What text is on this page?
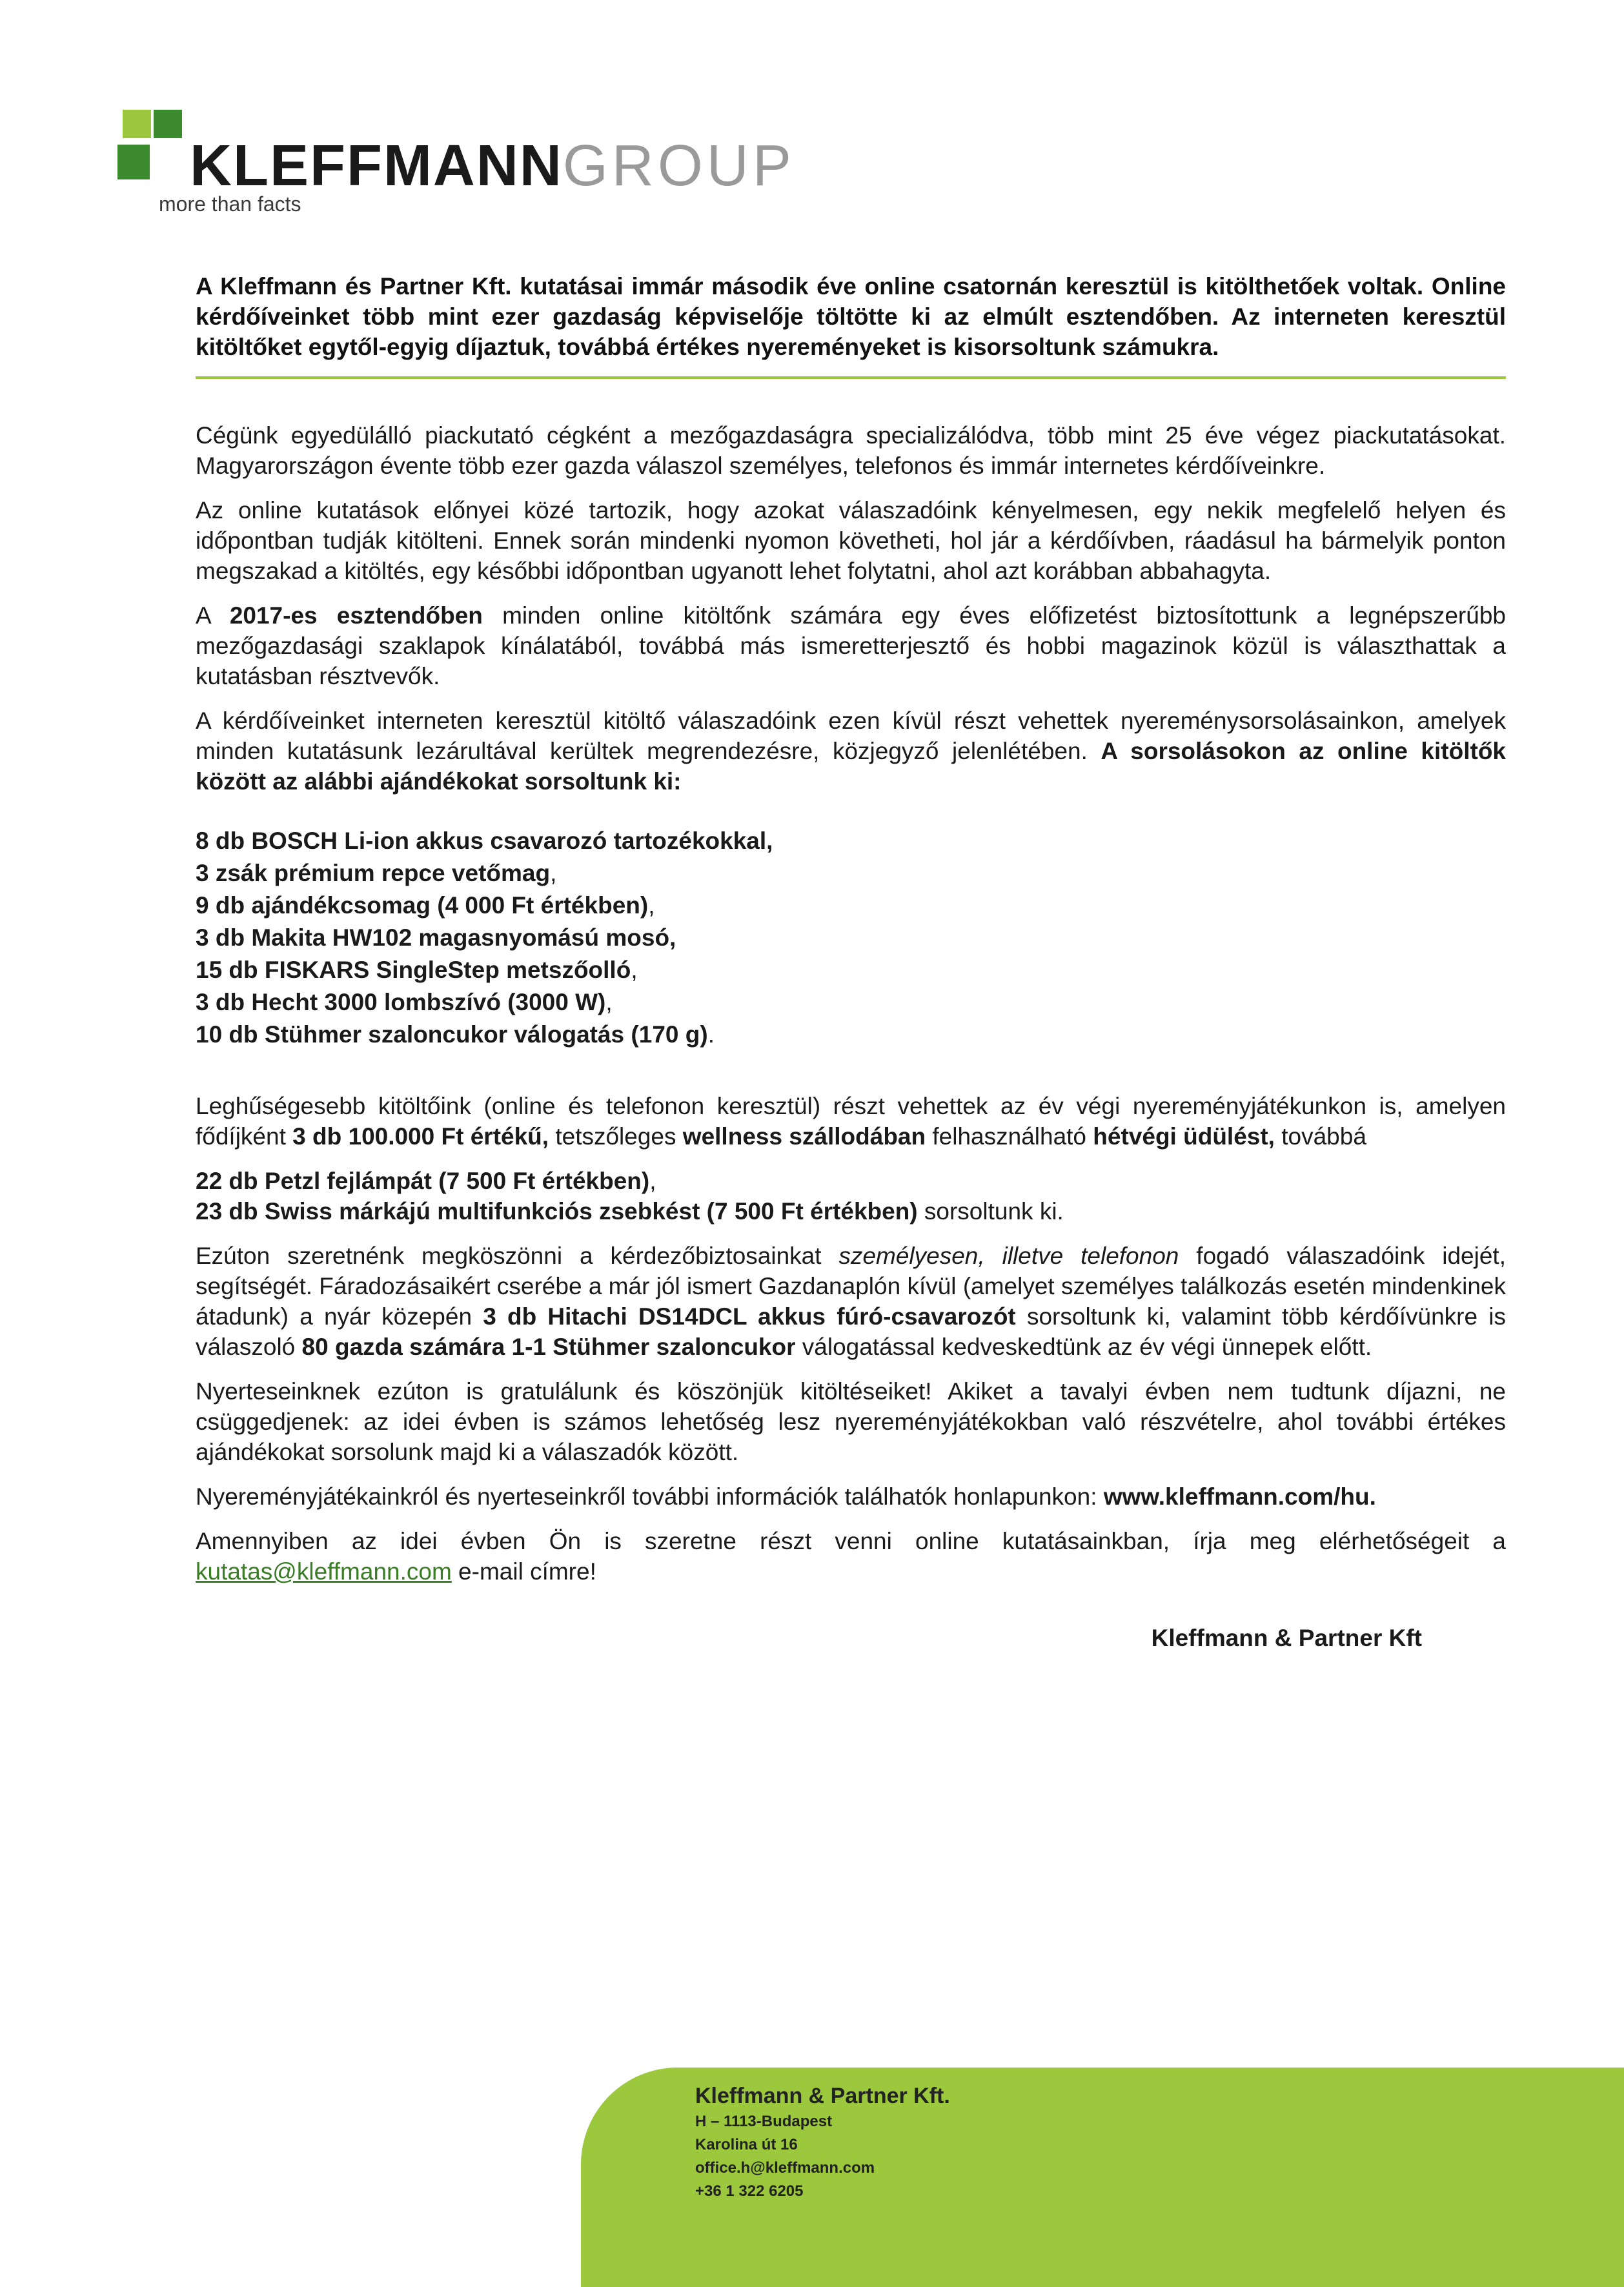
KLEFFMANNGROUP
more than facts

A Kleffmann és Partner Kft. kutatásai immár második éve online csatornán keresztül is kitölthetőek voltak. Online kérdőíveinket több mint ezer gazdaság képviselője töltötte ki az elmúlt esztendőben. Az interneten keresztül kitöltőket egytől-egyig díjaztuk, továbbá értékes nyereményeket is kisorsoltunk számukra.

Cégünk egyedülálló piackutató cégként a mezőgazdaságra specializálódva, több mint 25 éve végez piackutatásokat. Magyarországon évente több ezer gazda válaszol személyes, telefonos és immár internetes kérdőíveinkre.

Az online kutatások előnyei közé tartozik, hogy azokat válaszadóink kényelmesen, egy nekik megfelelő helyen és időpontban tudják kitölteni. Ennek során mindenki nyomon követheti, hol jár a kérdőívben, ráadásul ha bármelyik ponton megszakad a kitöltés, egy későbbi időpontban ugyanott lehet folytatni, ahol azt korábban abbahagyta.

A 2017-es esztendőben minden online kitöltőnk számára egy éves előfizetést biztosítottunk a legnépszerűbb mezőgazdasági szaklapok kínálatából, továbbá más ismeretterjesztő és hobbi magazinok közül is választhattak a kutatásban résztvevők.

A kérdőíveinket interneten keresztül kitöltő válaszadóink ezen kívül részt vehettek nyereménysorsolásainkon, amelyek minden kutatásunk lezárultával kerültek megrendezésre, közjegyző jelenlétében. A sorsolásokon az online kitöltők között az alábbi ajándékokat sorsoltunk ki:

8 db BOSCH Li-ion akkus csavarozó tartozékokkal,
3 zsák prémium repce vetőmag,
9 db ajándékcsomag (4 000 Ft értékben),
3 db Makita HW102 magasnyomású mosó,
15 db FISKARS SingleStep metszőolló,
3 db Hecht 3000 lombszívó (3000 W),
10 db Stühmer szaloncukor válogatás (170 g).

Leghűségesebb kitöltőink (online és telefonon keresztül) részt vehettek az év végi nyereményjátékunkon is, amelyen fődíjként 3 db 100.000 Ft értékű, tetszőleges wellness szállodában felhasználható hétvégi üdülést, továbbá

22 db Petzl fejlámpát (7 500 Ft értékben),
23 db Swiss márkájú multifunkciós zsebkést (7 500 Ft értékben) sorsoltunk ki.

Ezúton szeretnénk megköszönni a kérdezőbiztosainkat személyesen, illetve telefonon fogadó válaszadóink idejét, segítségét. Fáradozásaikért cserébe a már jól ismert Gazdanaplón kívül (amelyet személyes találkozás esetén mindenkinek átadunk) a nyár közepén 3 db Hitachi DS14DCL akkus fúró-csavarozót sorsoltunk ki, valamint több kérdőívünkre is válaszoló 80 gazda számára 1-1 Stühmer szaloncukor válogatással kedveskedtünk az év végi ünnepek előtt.

Nyerteseinknek ezúton is gratulálunk és köszönjük kitöltéseiket! Akiket a tavalyi évben nem tudtunk díjazni, ne csüggedjenek: az idei évben is számos lehetőség lesz nyereményjátékokban való részvételre, ahol további értékes ajándékokat sorsolunk majd ki a válaszadók között.

Nyereményjátékainkról és nyerteseinkről további információk találhatók honlapunkon: www.kleffmann.com/hu.

Amennyiben az idei évben Ön is szeretne részt venni online kutatásainkban, írja meg elérhetőségeit a kutatas@kleffmann.com e-mail címre!

Kleffmann & Partner Kft
Kleffmann & Partner Kft.
H – 1113-Budapest
Karolina út 16
office.h@kleffmann.com
+36 1 322 6205
